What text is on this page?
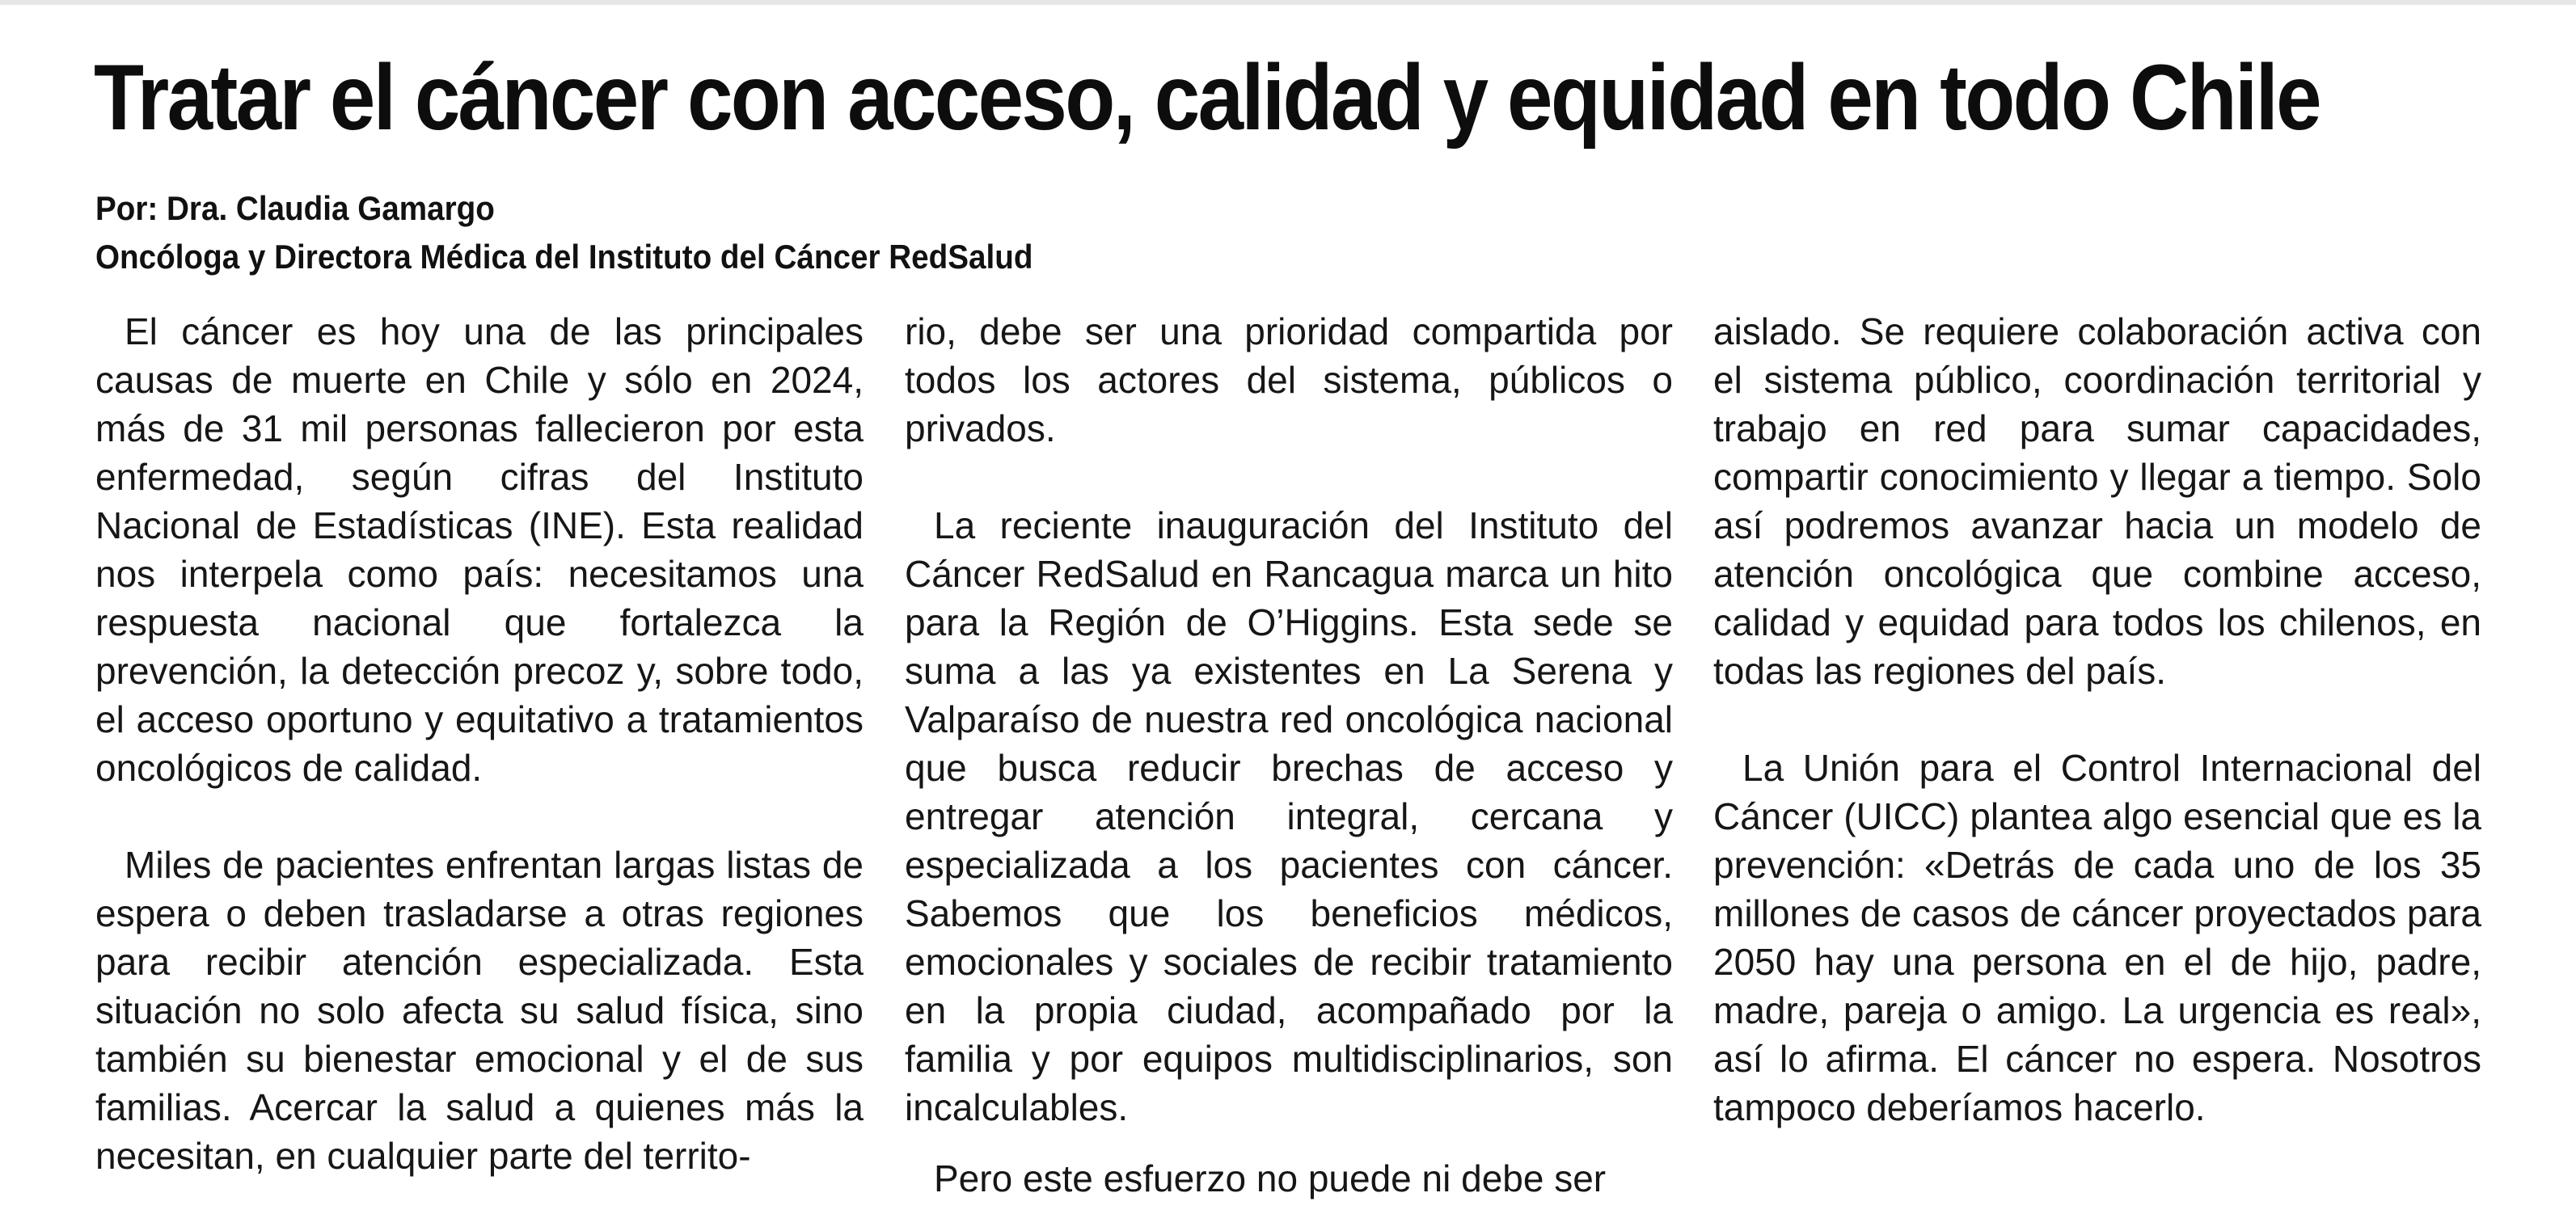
Tratar el cáncer con acceso, calidad y equidad en todo Chile
Por: Dra. Claudia Gamargo
Oncóloga y Directora Médica del Instituto del Cáncer RedSalud

El cáncer es hoy una de las principales causas de muerte en Chile y sólo en 2024, más de 31 mil personas fallecieron por esta enfermedad, según cifras del Instituto Nacional de Estadísticas (INE). Esta realidad nos interpela como país: necesitamos una respuesta nacional que fortalezca la prevención, la detección precoz y, sobre todo, el acceso oportuno y equitativo a tratamientos oncológicos de calidad.

Miles de pacientes enfrentan largas listas de espera o deben trasladarse a otras regiones para recibir atención especializada. Esta situación no solo afecta su salud física, sino también su bienestar emocional y el de sus familias. Acercar la salud a quienes más la necesitan, en cualquier parte del territo-

rio, debe ser una prioridad compartida por todos los actores del sistema, públicos o privados.

La reciente inauguración del Instituto del Cáncer RedSalud en Rancagua marca un hito para la Región de O’Higgins. Esta sede se suma a las ya existentes en La Serena y Valparaíso de nuestra red oncológica nacional que busca reducir brechas de acceso y entregar atención integral, cercana y especializada a los pacientes con cáncer. Sabemos que los beneficios médicos, emocionales y sociales de recibir tratamiento en la propia ciudad, acompañado por la familia y por equipos multidisciplinarios, son incalculables.

Pero este esfuerzo no puede ni debe ser

aislado. Se requiere colaboración activa con el sistema público, coordinación territorial y trabajo en red para sumar capacidades, compartir conocimiento y llegar a tiempo. Solo así podremos avanzar hacia un modelo de atención oncológica que combine acceso, calidad y equidad para todos los chilenos, en todas las regiones del país.

La Unión para el Control Internacional del Cáncer (UICC) plantea algo esencial que es la prevención: «Detrás de cada uno de los 35 millones de casos de cáncer proyectados para 2050 hay una persona en el de hijo, padre, madre, pareja o amigo. La urgencia es real», así lo afirma. El cáncer no espera. Nosotros tampoco deberíamos hacerlo.
